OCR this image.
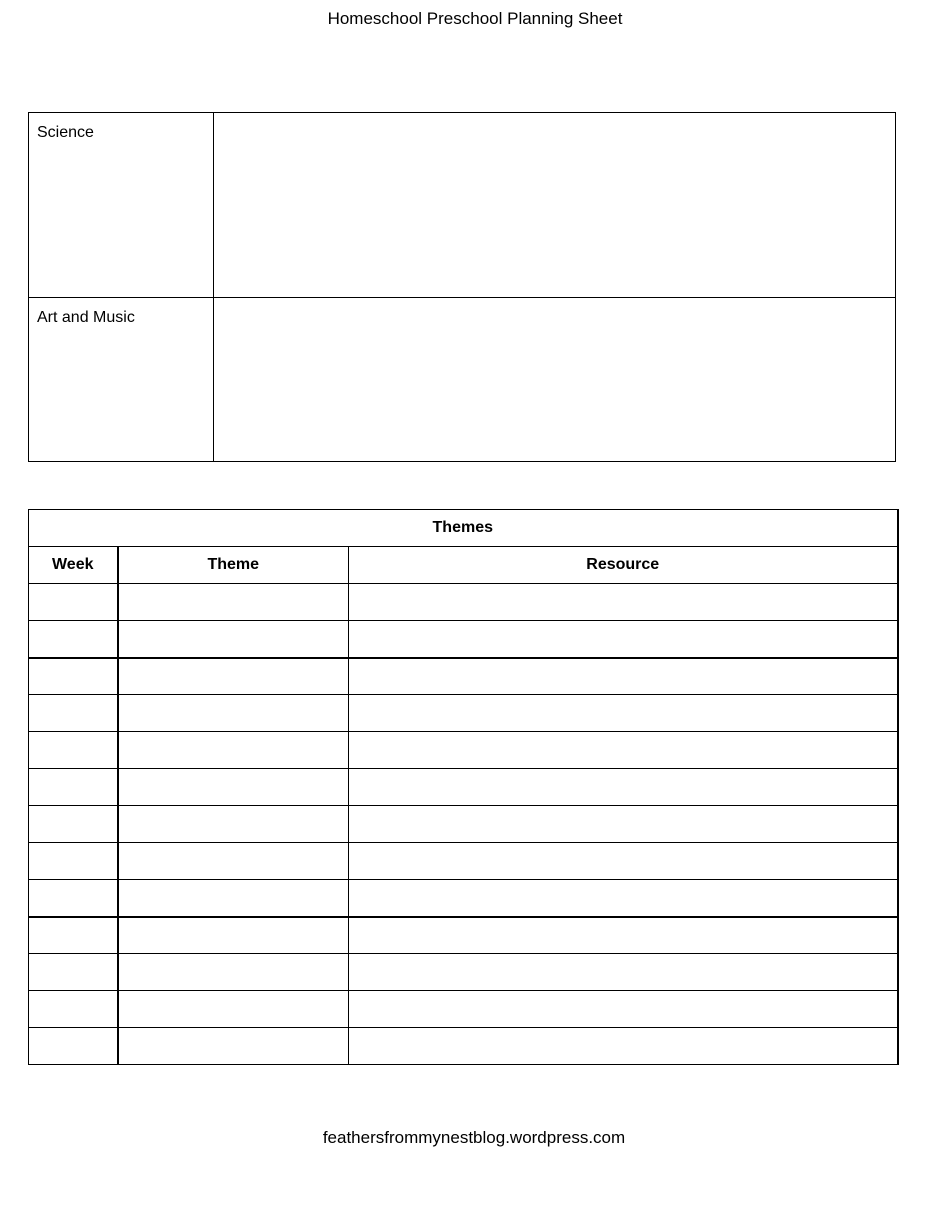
Homeschool Preschool Planning Sheet
Science	
Art and Music	
Themes		
Week	Theme	Resource

feathersfrommynestblog.wordpress.com
